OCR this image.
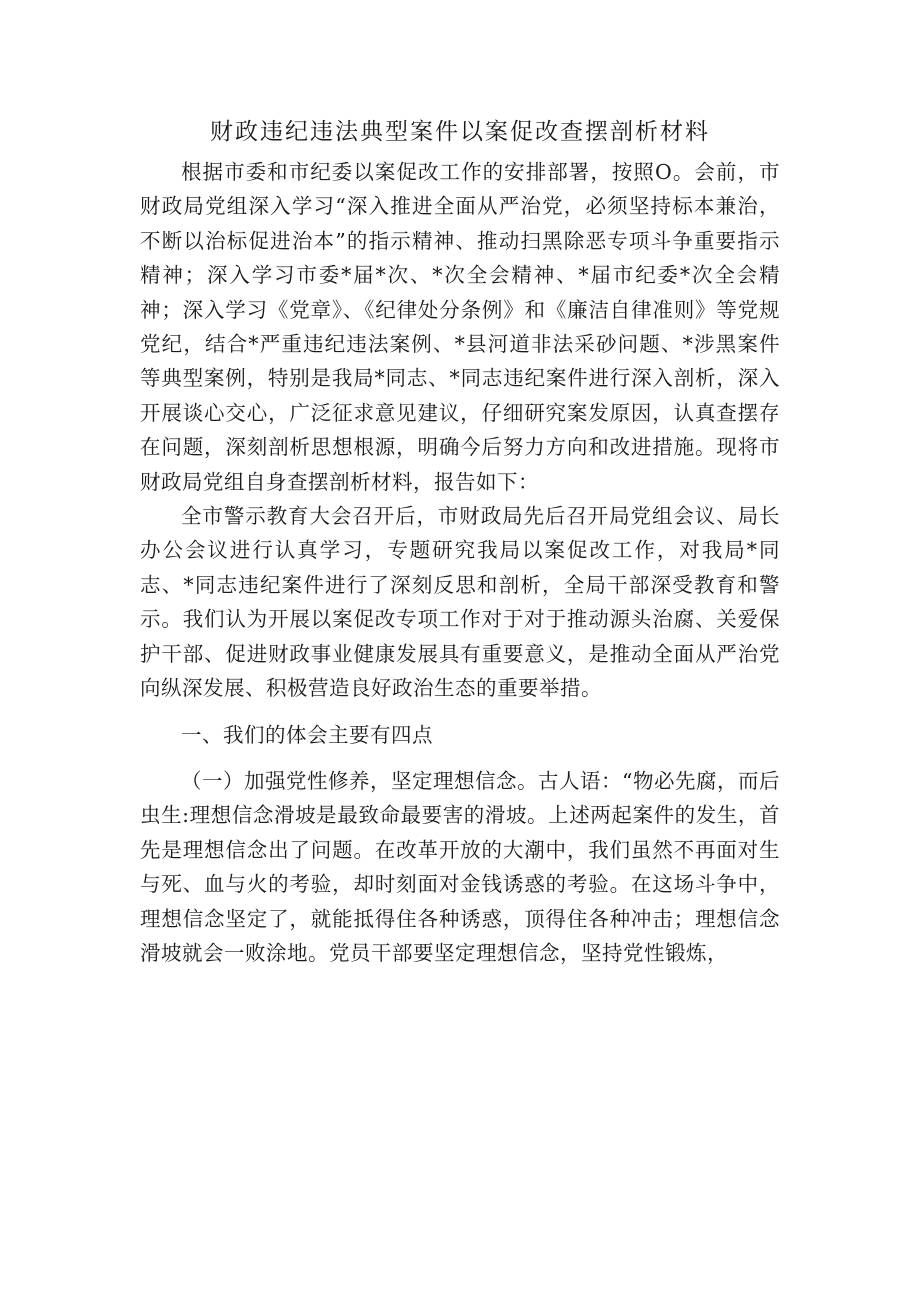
财政违纪违法典型案件以案促改查摆剖析材料

根据市委和市纪委以案促改工作的安排部署，按照O。会前，市财政局党组深入学习“深入推进全面从严治党，必须坚持标本兼治，不断以治标促进治本”的指示精神、推动扫黑除恶专项斗争重要指示精神；深入学习市委*届*次、*次全会精神、*届市纪委*次全会精神；深入学习《党章》、《纪律处分条例》和《廉洁自律准则》等党规党纪，结合*严重违纪违法案例、*县河道非法采砂问题、*涉黑案件等典型案例，特别是我局*同志、*同志违纪案件进行深入剖析，深入开展谈心交心，广泛征求意见建议，仔细研究案发原因，认真查摆存在问题，深刻剖析思想根源，明确今后努力方向和改进措施。现将市财政局党组自身查摆剖析材料，报告如下：

全市警示教育大会召开后，市财政局先后召开局党组会议、局长办公会议进行认真学习，专题研究我局以案促改工作，对我局*同志、*同志违纪案件进行了深刻反思和剖析，全局干部深受教育和警示。我们认为开展以案促改专项工作对于对于推动源头治腐、关爱保护干部、促进财政事业健康发展具有重要意义，是推动全面从严治党向纵深发展、积极营造良好政治生态的重要举措。

一、我们的体会主要有四点

（一）加强党性修养，坚定理想信念。古人语：“物必先腐，而后虫生:理想信念滑坡是最致命最要害的滑坡。上述两起案件的发生，首先是理想信念出了问题。在改革开放的大潮中，我们虽然不再面对生与死、血与火的考验，却时刻面对金钱诱惑的考验。在这场斗争中，理想信念坚定了，就能抵得住各种诱惑，顶得住各种冲击；理想信念滑坡就会一败涂地。党员干部要坚定理想信念，坚持党性锻炼，
